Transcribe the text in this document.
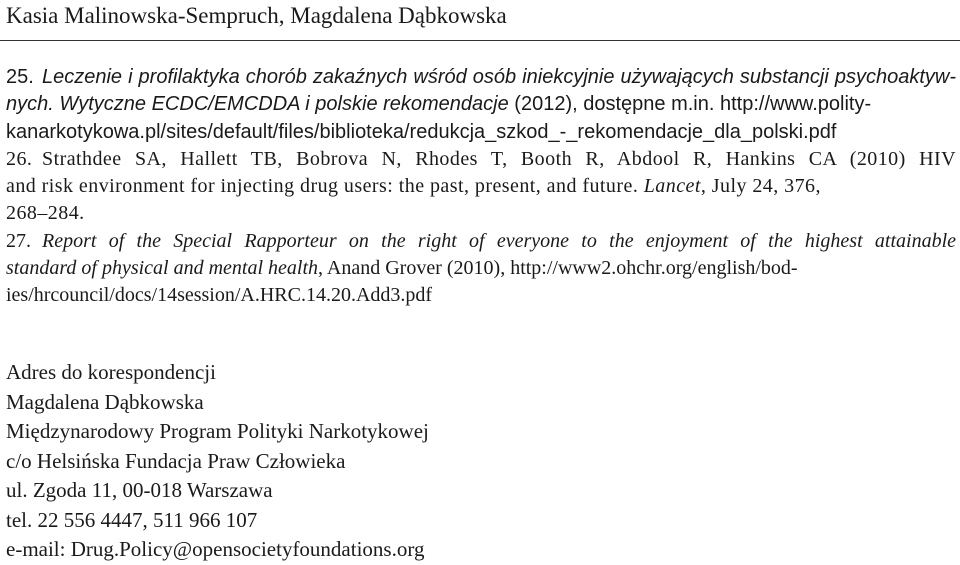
Kasia Malinowska-Sempruch, Magdalena Dąbkowska
25. Leczenie i profilaktyka chorób zakaźnych wśród osób iniekcyjnie używających substancji psychoaktyw-
nych. Wytyczne ECDC/EMCDDA i polskie rekomendacje (2012), dostępne m.in. http://www.polity-
kanarkotykowa.pl/sites/default/files/biblioteka/redukcja_szkod_-_rekomendacje_dla_polski.pdf
26. Strathdee SA, Hallett TB, Bobrova N, Rhodes T, Booth R, Abdool R, Hankins CA (2010) HIV
and risk environment for injecting drug users: the past, present, and future. Lancet, July 24, 376,
268–284.
27. Report of the Special Rapporteur on the right of everyone to the enjoyment of the highest attainable
standard of physical and mental health, Anand Grover (2010), http://www2.ohchr.org/english/bod-
ies/hrcouncil/docs/14session/A.HRC.14.20.Add3.pdf
Adres do korespondencji
Magdalena Dąbkowska
Międzynarodowy Program Polityki Narkotykowej
c/o Helsińska Fundacja Praw Człowieka
ul. Zgoda 11, 00-018 Warszawa
tel. 22 556 4447, 511 966 107
e-mail: Drug.Policy@opensocietyfoundations.org
